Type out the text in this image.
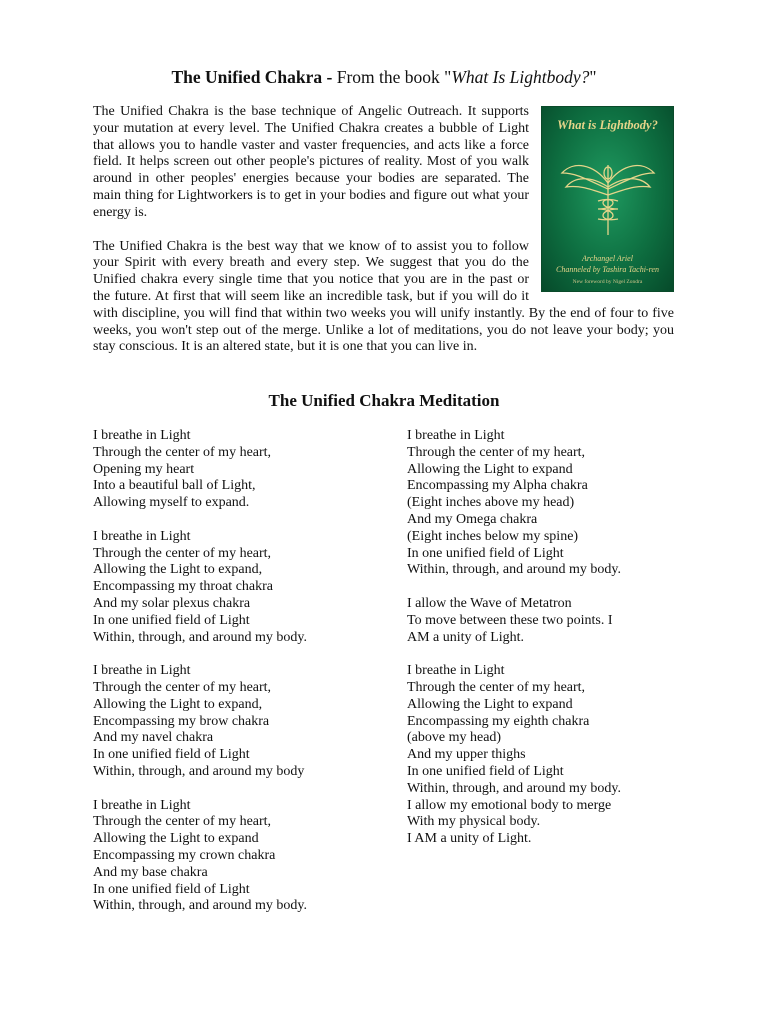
The Unified Chakra - From the book "What Is Lightbody?"
What is Lightbody?
Archangel Ariel
Channeled by Tashira Tachi-ren
New foreword by Nigel Zondra

The Unified Chakra is the base technique of Angelic Outreach. It supports your mutation at every level. The Unified Chakra creates a bubble of Light that allows you to handle vaster and vaster frequencies, and acts like a force field. It helps screen out other people's pictures of reality. Most of you walk around in other peoples' energies because your bodies are separated. The main thing for Lightworkers is to get in your bodies and figure out what your energy is.

The Unified Chakra is the best way that we know of to assist you to follow your Spirit with every breath and every step. We suggest that you do the Unified chakra every single time that you notice that you are in the past or the future. At first that will seem like an incredible task, but if you will do it with discipline, you will find that within two weeks you will unify instantly. By the end of four to five weeks, you won't step out of the merge. Unlike a lot of meditations, you do not leave your body; you stay conscious. It is an altered state, but it is one that you can live in.

The Unified Chakra Meditation
I breathe in Light
Through the center of my heart,
Opening my heart
Into a beautiful ball of Light,
Allowing myself to expand.
I breathe in Light
Through the center of my heart,
Allowing the Light to expand,
Encompassing my throat chakra
And my solar plexus chakra
In one unified field of Light
Within, through, and around my body.
I breathe in Light
Through the center of my heart,
Allowing the Light to expand,
Encompassing my brow chakra
And my navel chakra
In one unified field of Light
Within, through, and around my body
I breathe in Light
Through the center of my heart,
Allowing the Light to expand
Encompassing my crown chakra
And my base chakra
In one unified field of Light
Within, through, and around my body.
I breathe in Light
Through the center of my heart,
Allowing the Light to expand
Encompassing my Alpha chakra
(Eight inches above my head)
And my Omega chakra
(Eight inches below my spine)
In one unified field of Light
Within, through, and around my body.
I allow the Wave of Metatron
To move between these two points. I
AM a unity of Light.
I breathe in Light
Through the center of my heart,
Allowing the Light to expand
Encompassing my eighth chakra
(above my head)
And my upper thighs
In one unified field of Light
Within, through, and around my body.
I allow my emotional body to merge
With my physical body.
I AM a unity of Light.
